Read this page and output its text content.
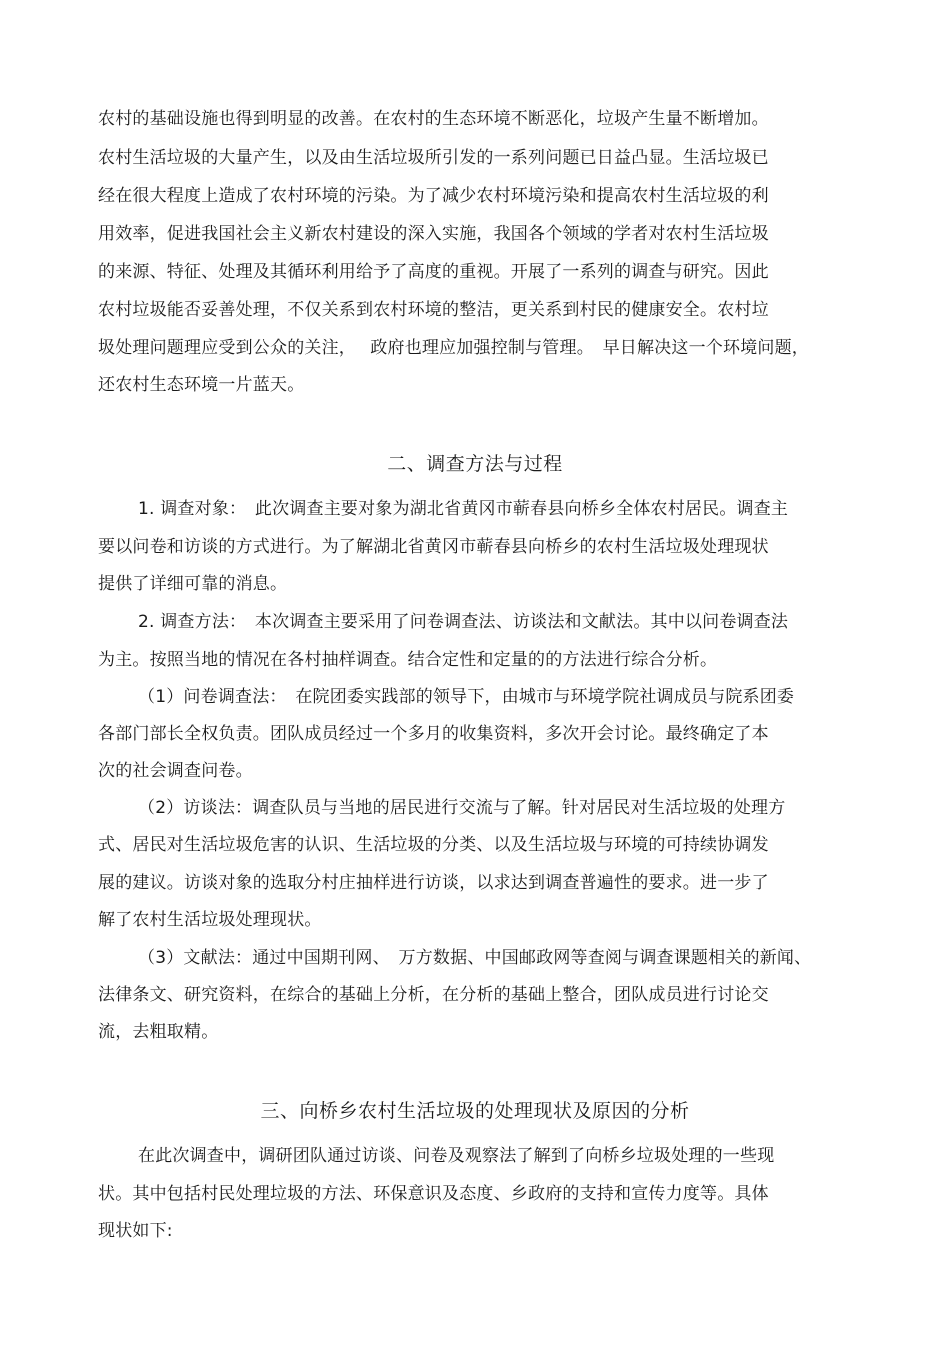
农村的基础设施也得到明显的改善。在农村的生态环境不断恶化，垃圾产生量不断增加。
农村生活垃圾的大量产生，以及由生活垃圾所引发的一系列问题已日益凸显。生活垃圾已
经在很大程度上造成了农村环境的污染。为了减少农村环境污染和提高农村生活垃圾的利
用效率，促进我国社会主义新农村建设的深入实施，我国各个领域的学者对农村生活垃圾
的来源、特征、处理及其循环利用给予了高度的重视。开展了一系列的调查与研究。因此
农村垃圾能否妥善处理，不仅关系到农村环境的整洁，更关系到村民的健康安全。农村垃
圾处理问题理应受到公众的关注，　 政府也理应加强控制与管理。　早日解决这一个环境问题，
还农村生态环境一片蓝天。
二、调查方法与过程
1. 调查对象：　此次调查主要对象为湖北省黄冈市蕲春县向桥乡全体农村居民。调查主
要以问卷和访谈的方式进行。为了解湖北省黄冈市蕲春县向桥乡的农村生活垃圾处理现状
提供了详细可靠的消息。
2. 调查方法：　本次调查主要采用了问卷调查法、访谈法和文献法。其中以问卷调查法
为主。按照当地的情况在各村抽样调查。结合定性和定量的的方法进行综合分析。
（1）问卷调查法：　在院团委实践部的领导下，由城市与环境学院社调成员与院系团委
各部门部长全权负责。团队成员经过一个多月的收集资料，多次开会讨论。最终确定了本
次的社会调查问卷。
（2）访谈法：调查队员与当地的居民进行交流与了解。针对居民对生活垃圾的处理方
式、居民对生活垃圾危害的认识、生活垃圾的分类、以及生活垃圾与环境的可持续协调发
展的建议。访谈对象的选取分村庄抽样进行访谈，以求达到调查普遍性的要求。进一步了
解了农村生活垃圾处理现状。
（3）文献法：通过中国期刊网、　万方数据、中国邮政网等查阅与调查课题相关的新闻、
法律条文、研究资料，在综合的基础上分析，在分析的基础上整合，团队成员进行讨论交
流，去粗取精。
三、向桥乡农村生活垃圾的处理现状及原因的分析
在此次调查中，调研团队通过访谈、问卷及观察法了解到了向桥乡垃圾处理的一些现
状。其中包括村民处理垃圾的方法、环保意识及态度、乡政府的支持和宣传力度等。具体
现状如下:
